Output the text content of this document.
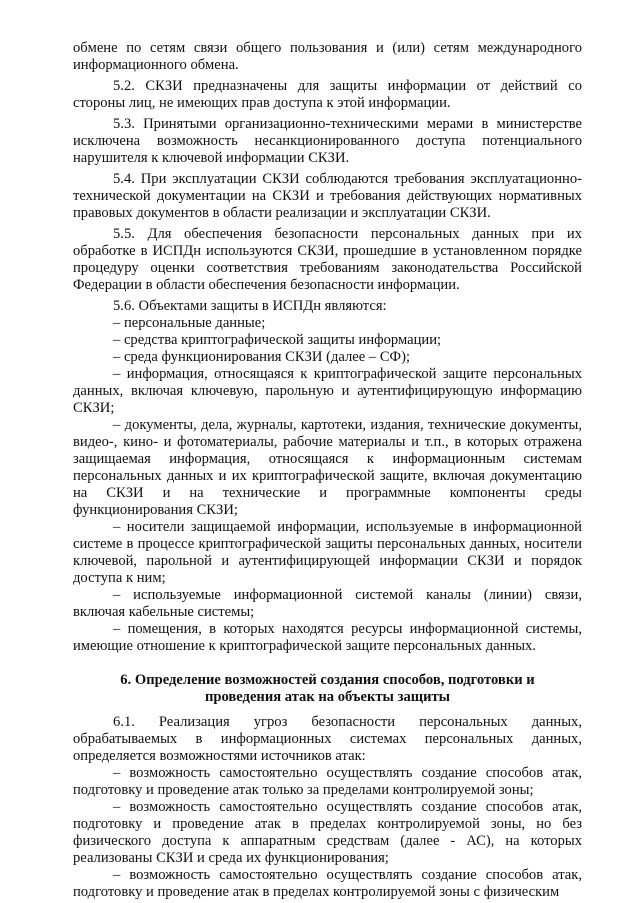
обмене по сетям связи общего пользования и (или) сетям международного информационного обмена.

5.2. СКЗИ предназначены для защиты информации от действий со стороны лиц, не имеющих прав доступа к этой информации.

5.3. Принятыми организационно-техническими мерами в министерстве исключена возможность несанкционированного доступа потенциального нарушителя к ключевой информации СКЗИ.

5.4. При эксплуатации СКЗИ соблюдаются требования эксплуатационно-технической документации на СКЗИ и требования действующих нормативных правовых документов в области реализации и эксплуатации СКЗИ.

5.5. Для обеспечения безопасности персональных данных при их обработке в ИСПДн используются СКЗИ, прошедшие в установленном порядке процедуру оценки соответствия требованиям законодательства Российской Федерации в области обеспечения безопасности информации.

5.6. Объектами защиты в ИСПДн являются:

– персональные данные;

– средства криптографической защиты информации;

– среда функционирования СКЗИ (далее – СФ);

– информация, относящаяся к криптографической защите персональных данных, включая ключевую, парольную и аутентифицирующую информацию СКЗИ;

– документы, дела, журналы, картотеки, издания, технические документы, видео-, кино- и фотоматериалы, рабочие материалы и т.п., в которых отражена защищаемая информация, относящаяся к информационным системам персональных данных и их криптографической защите, включая документацию на СКЗИ и на технические и программные компоненты среды функционирования СКЗИ;

– носители защищаемой информации, используемые в информационной системе в процессе криптографической защиты персональных данных, носители ключевой, парольной и аутентифицирующей информации СКЗИ и порядок доступа к ним;

– используемые информационной системой каналы (линии) связи, включая кабельные системы;

– помещения, в которых находятся ресурсы информационной системы, имеющие отношение к криптографической защите персональных данных.

6. Определение возможностей создания способов, подготовки и проведения атак на объекты защиты

6.1. Реализация угроз безопасности персональных данных, обрабатываемых в информационных системах персональных данных, определяется возможностями источников атак:

– возможность самостоятельно осуществлять создание способов атак, подготовку и проведение атак только за пределами контролируемой зоны;

– возможность самостоятельно осуществлять создание способов атак, подготовку и проведение атак в пределах контролируемой зоны, но без физического доступа к аппаратным средствам (далее - АС), на которых реализованы СКЗИ и среда их функционирования;

– возможность самостоятельно осуществлять создание способов атак, подготовку и проведение атак в пределах контролируемой зоны с физическим
